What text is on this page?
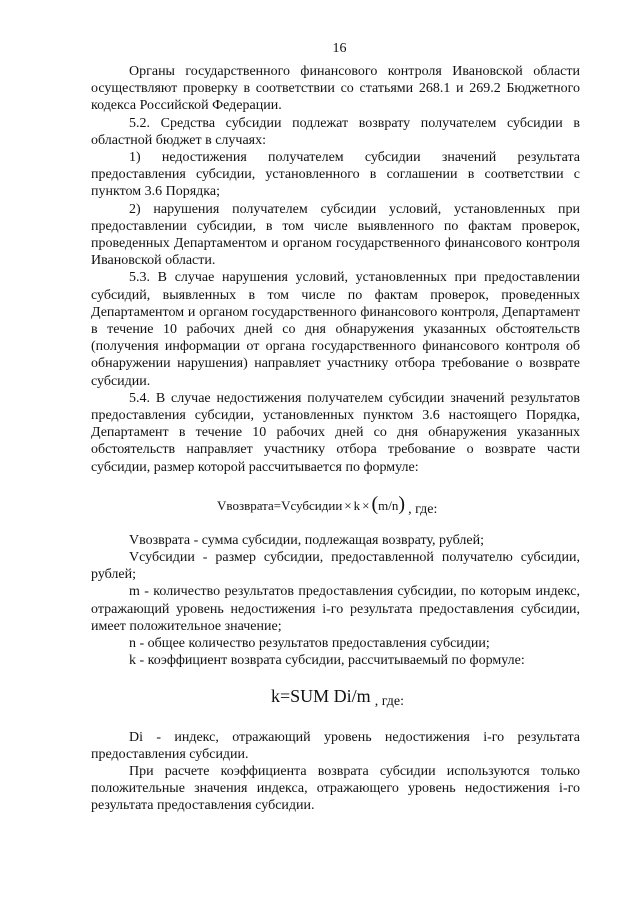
16

Органы государственного финансового контроля Ивановской области осуществляют проверку в соответствии со статьями 268.1 и 269.2 Бюджетного кодекса Российской Федерации.

5.2. Средства субсидии подлежат возврату получателем субсидии в областной бюджет в случаях:

1) недостижения получателем субсидии значений результата предоставления субсидии, установленного в соглашении в соответствии с пунктом 3.6 Порядка;

2) нарушения получателем субсидии условий, установленных при предоставлении субсидии, в том числе выявленного по фактам проверок, проведенных Департаментом и органом государственного финансового контроля Ивановской области.

5.3. В случае нарушения условий, установленных при предоставлении субсидий, выявленных в том числе по фактам проверок, проведенных Департаментом и органом государственного финансового контроля, Департамент в течение 10 рабочих дней со дня обнаружения указанных обстоятельств (получения информации от органа государственного финансового контроля об обнаружении нарушения) направляет участнику отбора требование о возврате субсидии.

5.4. В случае недостижения получателем субсидии значений результатов предоставления субсидии, установленных пунктом 3.6 настоящего Порядка, Департамент в течение 10 рабочих дней со дня обнаружения указанных обстоятельств направляет участнику отбора требование о возврате части субсидии, размер которой рассчитывается по формуле:

Vвозврата = Vсубсидии × k × ( m/n ) , где:

Vвозврата - сумма субсидии, подлежащая возврату, рублей;

Vсубсидии - размер субсидии, предоставленной получателю субсидии, рублей;

m - количество результатов предоставления субсидии, по которым индекс, отражающий уровень недостижения i-го результата предоставления субсидии, имеет положительное значение;

n - общее количество результатов предоставления субсидии;

k - коэффициент возврата субсидии, рассчитываемый по формуле:

k = SUM Di/m , где:

Di - индекс, отражающий уровень недостижения i-го результата предоставления субсидии.

При расчете коэффициента возврата субсидии используются только положительные значения индекса, отражающего уровень недостижения i-го результата предоставления субсидии.
